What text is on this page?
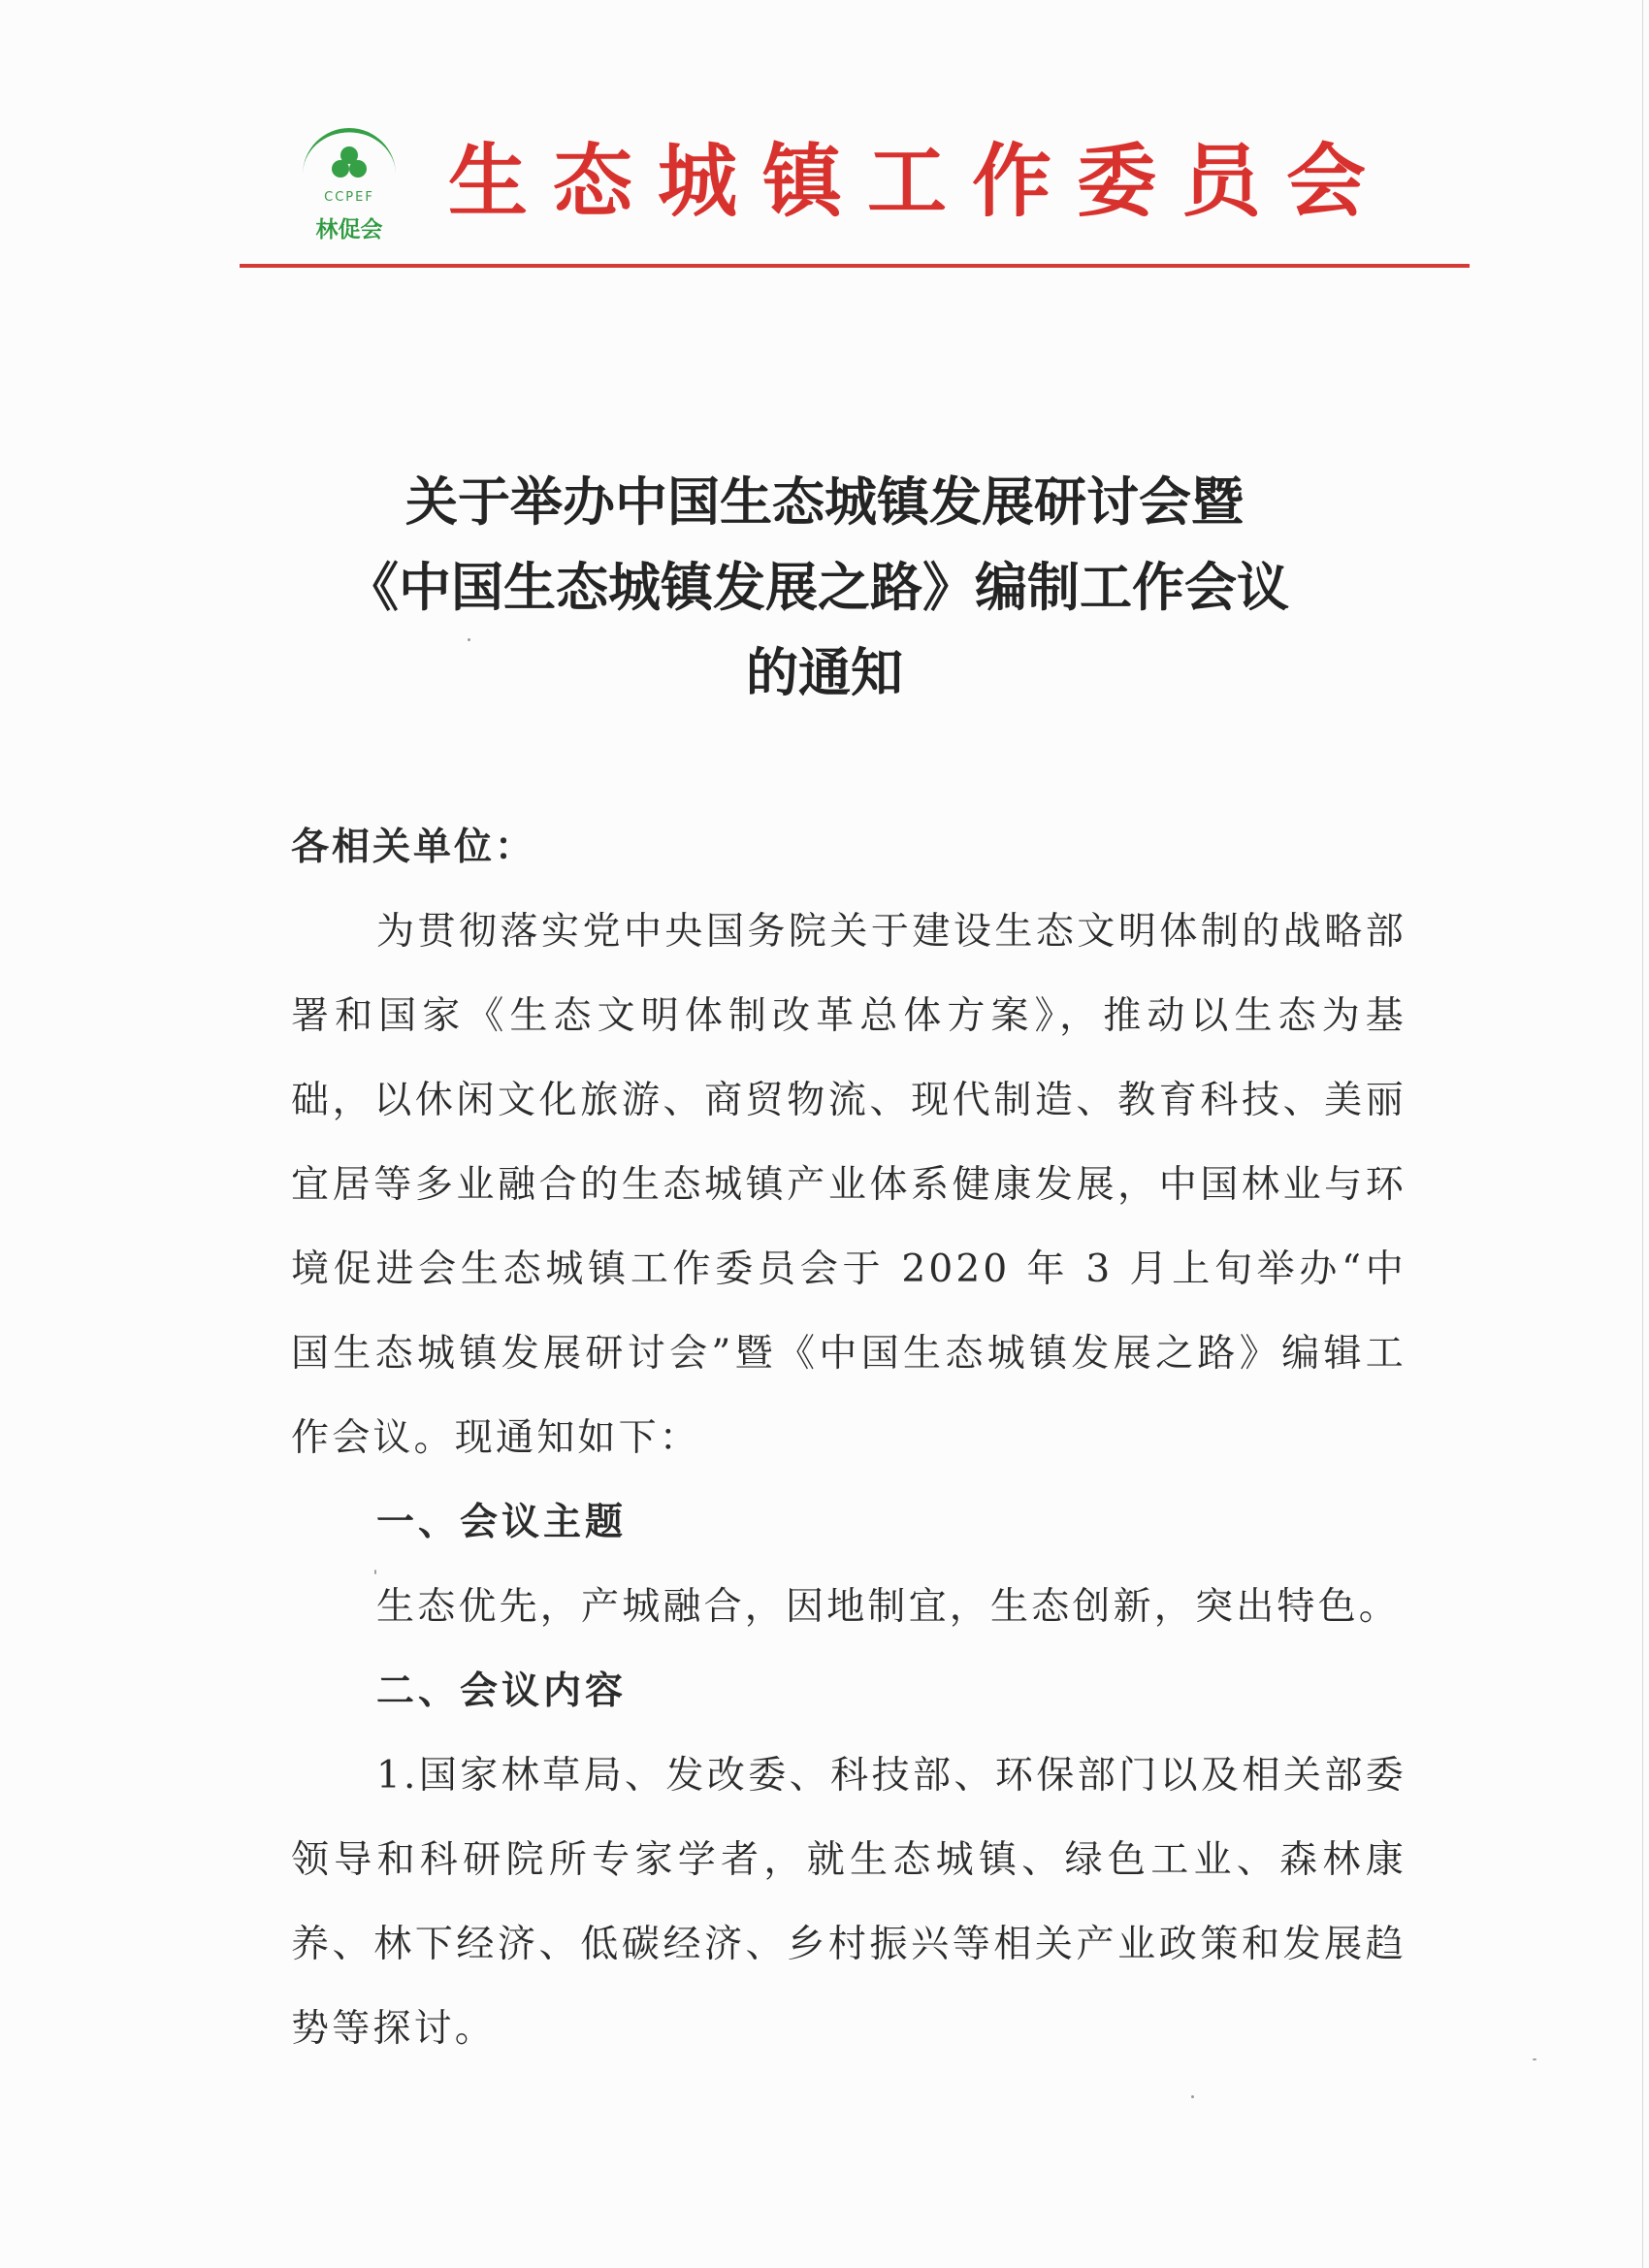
CCPEF
林促会
生态城镇工作委员会
关于举办中国生态城镇发展研讨会暨
《中国生态城镇发展之路》编制工作会议
的通知

各相关单位：

为贯彻落实党中央国务院关于建设生态文明体制的战略部署和国家《生态文明体制改革总体方案》，推动以生态为基础，以休闲文化旅游、商贸物流、现代制造、教育科技、美丽宜居等多业融合的生态城镇产业体系健康发展，中国林业与环境促进会生态城镇工作委员会于 2020 年 3 月上旬举办“中国生态城镇发展研讨会”暨《中国生态城镇发展之路》编辑工作会议。现通知如下：

一、会议主题

生态优先，产城融合，因地制宜，生态创新，突出特色。

二、会议内容

1.国家林草局、发改委、科技部、环保部门以及相关部委领导和科研院所专家学者，就生态城镇、绿色工业、森林康养、林下经济、低碳经济、乡村振兴等相关产业政策和发展趋势等探讨。
